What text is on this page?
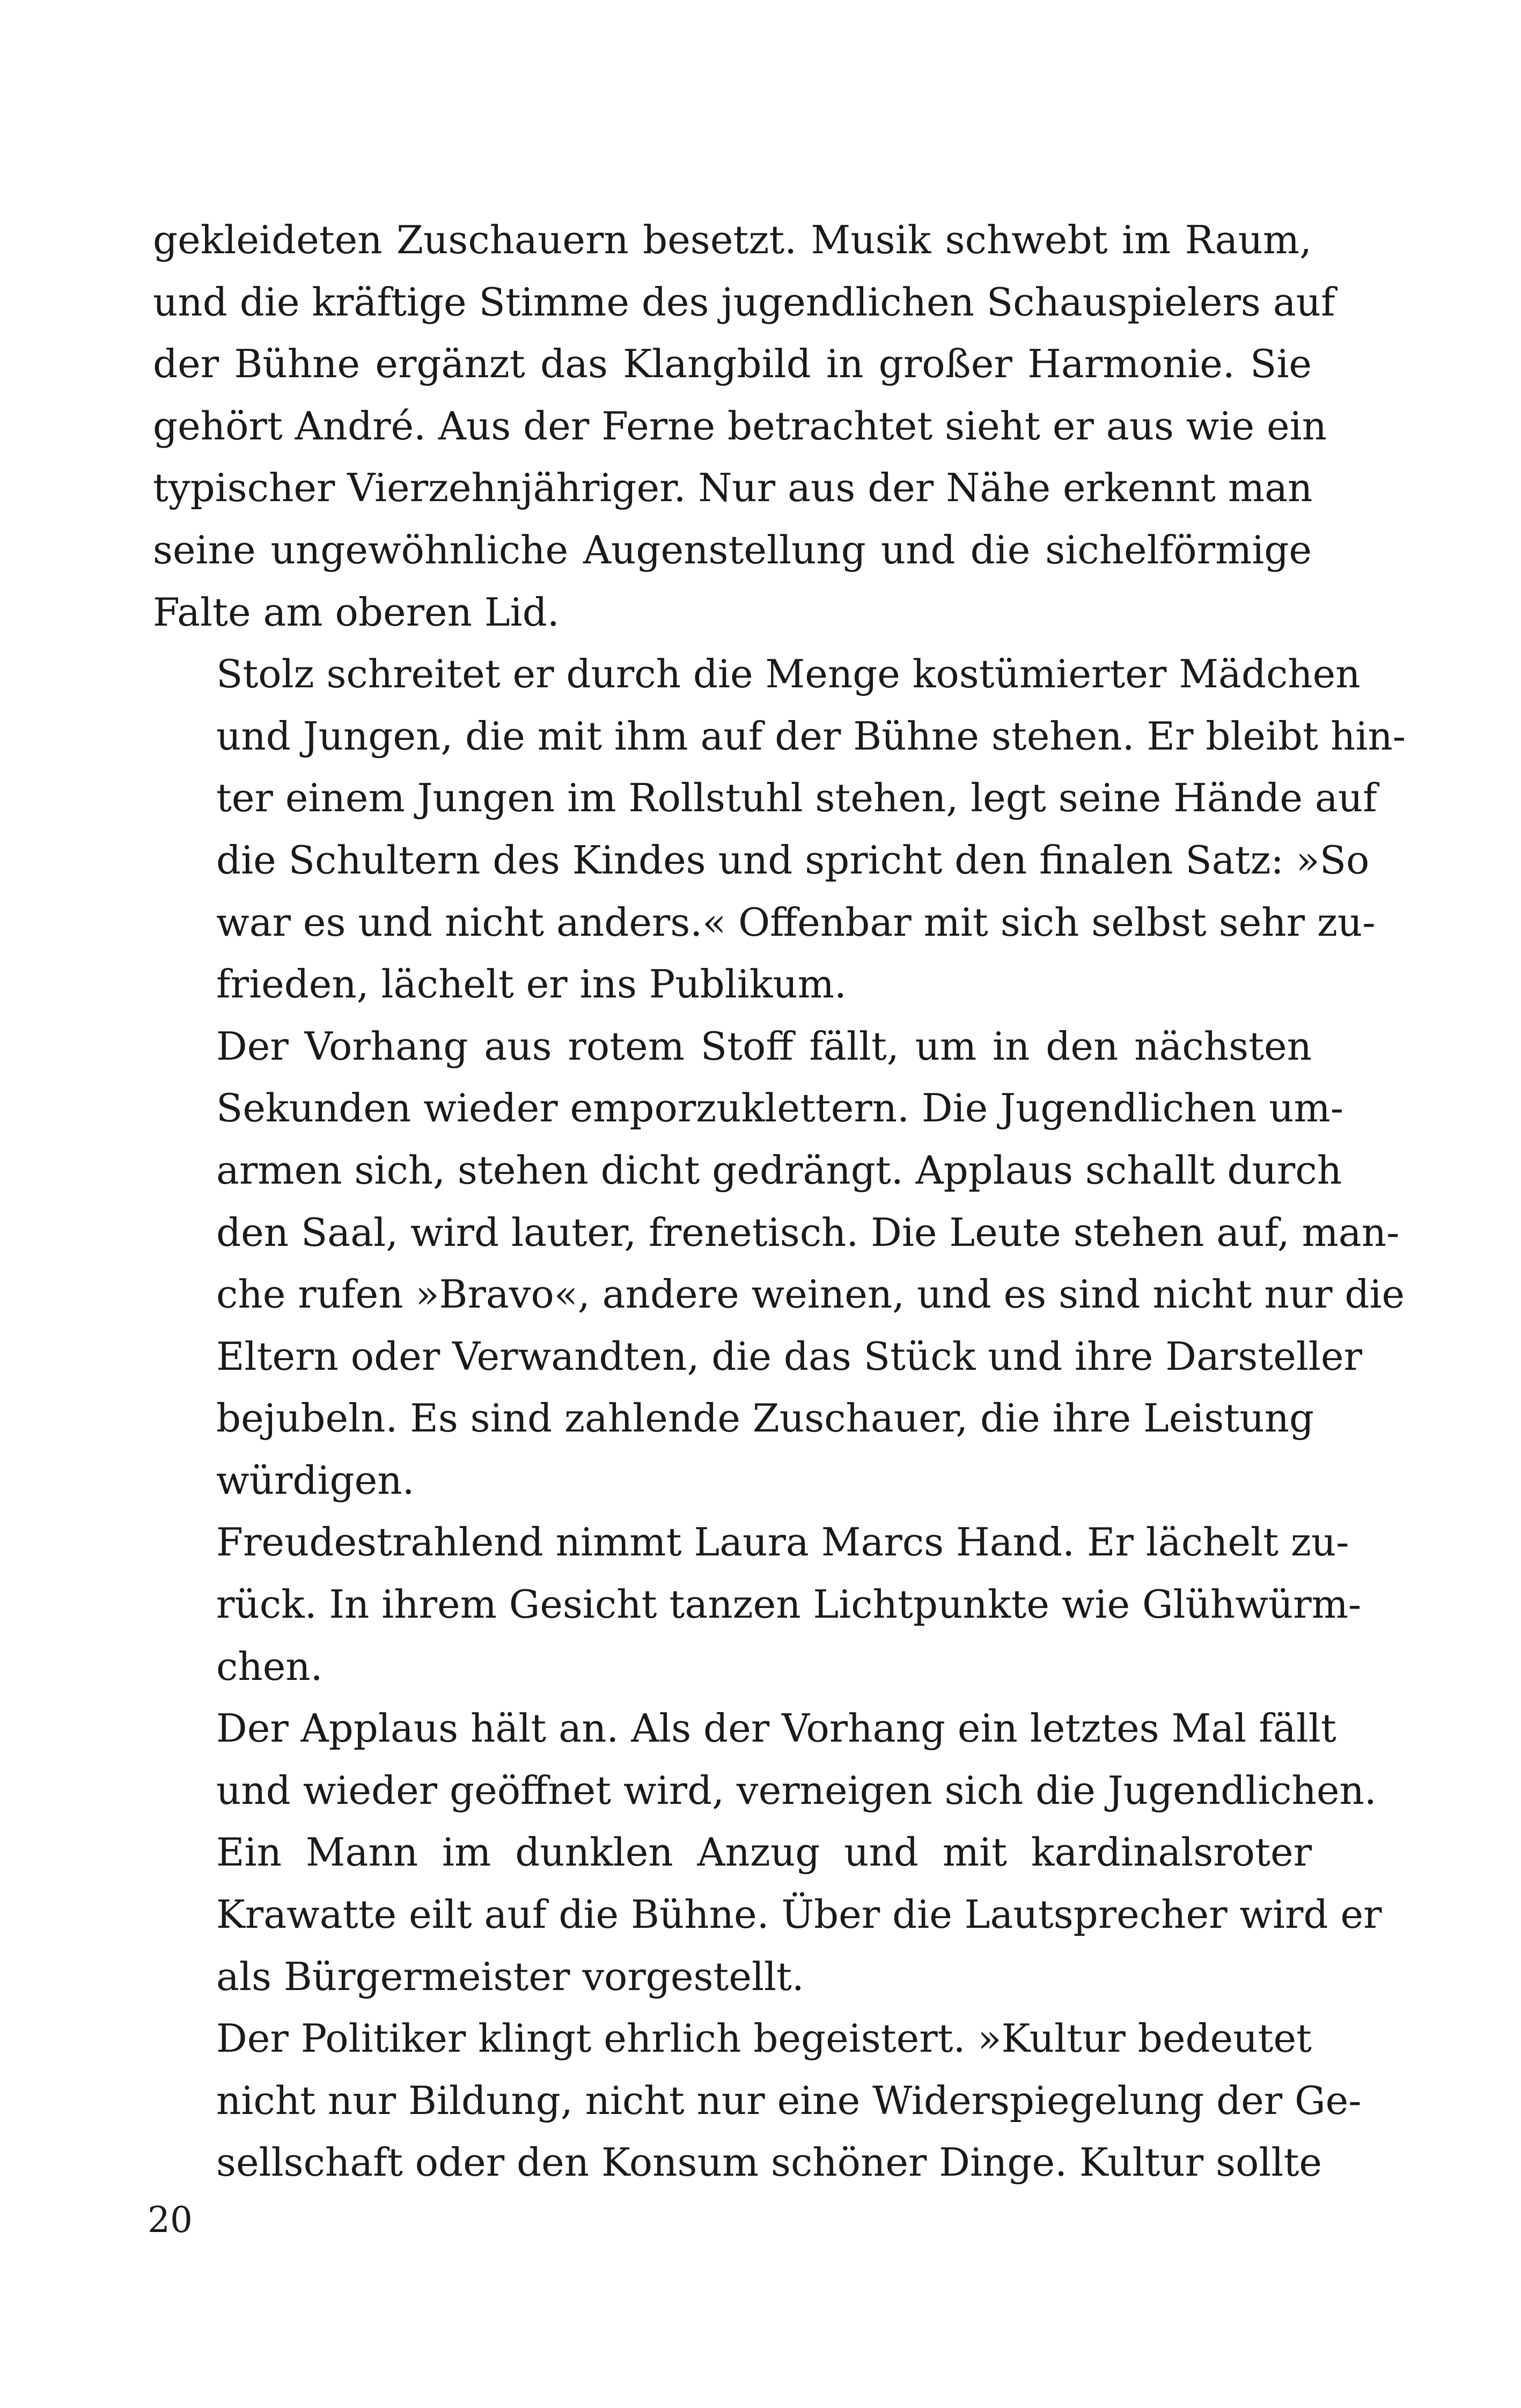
gekleideten Zuschauern besetzt. Musik schwebt im Raum,
und die kräftige Stimme des jugendlichen Schauspielers auf
der Bühne ergänzt das Klangbild in großer Harmonie. Sie
gehört André. Aus der Ferne betrachtet sieht er aus wie ein
typischer Vierzehnjähriger. Nur aus der Nähe erkennt man
seine ungewöhnliche Augenstellung und die sichelförmige
Falte am oberen Lid.
Stolz schreitet er durch die Menge kostümierter Mädchen
und Jungen, die mit ihm auf der Bühne stehen. Er bleibt hin-
ter einem Jungen im Rollstuhl stehen, legt seine Hände auf
die Schultern des Kindes und spricht den finalen Satz: »So
war es und nicht anders.« Offenbar mit sich selbst sehr zu-
frieden, lächelt er ins Publikum.
Der Vorhang aus rotem Stoff fällt, um in den nächsten
Sekunden wieder emporzuklettern. Die Jugendlichen um-
armen sich, stehen dicht gedrängt. Applaus schallt durch
den Saal, wird lauter, frenetisch. Die Leute stehen auf, man-
che rufen »Bravo«, andere weinen, und es sind nicht nur die
Eltern oder Verwandten, die das Stück und ihre Darsteller
bejubeln. Es sind zahlende Zuschauer, die ihre Leistung
würdigen.
Freudestrahlend nimmt Laura Marcs Hand. Er lächelt zu-
rück. In ihrem Gesicht tanzen Lichtpunkte wie Glühwürm-
chen.
Der Applaus hält an. Als der Vorhang ein letztes Mal fällt
und wieder geöffnet wird, verneigen sich die Jugendlichen.
Ein Mann im dunklen Anzug und mit kardinalsroter
Krawatte eilt auf die Bühne. Über die Lautsprecher wird er
als Bürgermeister vorgestellt.
Der Politiker klingt ehrlich begeistert. »Kultur bedeutet
nicht nur Bildung, nicht nur eine Widerspiegelung der Ge-
sellschaft oder den Konsum schöner Dinge. Kultur sollte
20
